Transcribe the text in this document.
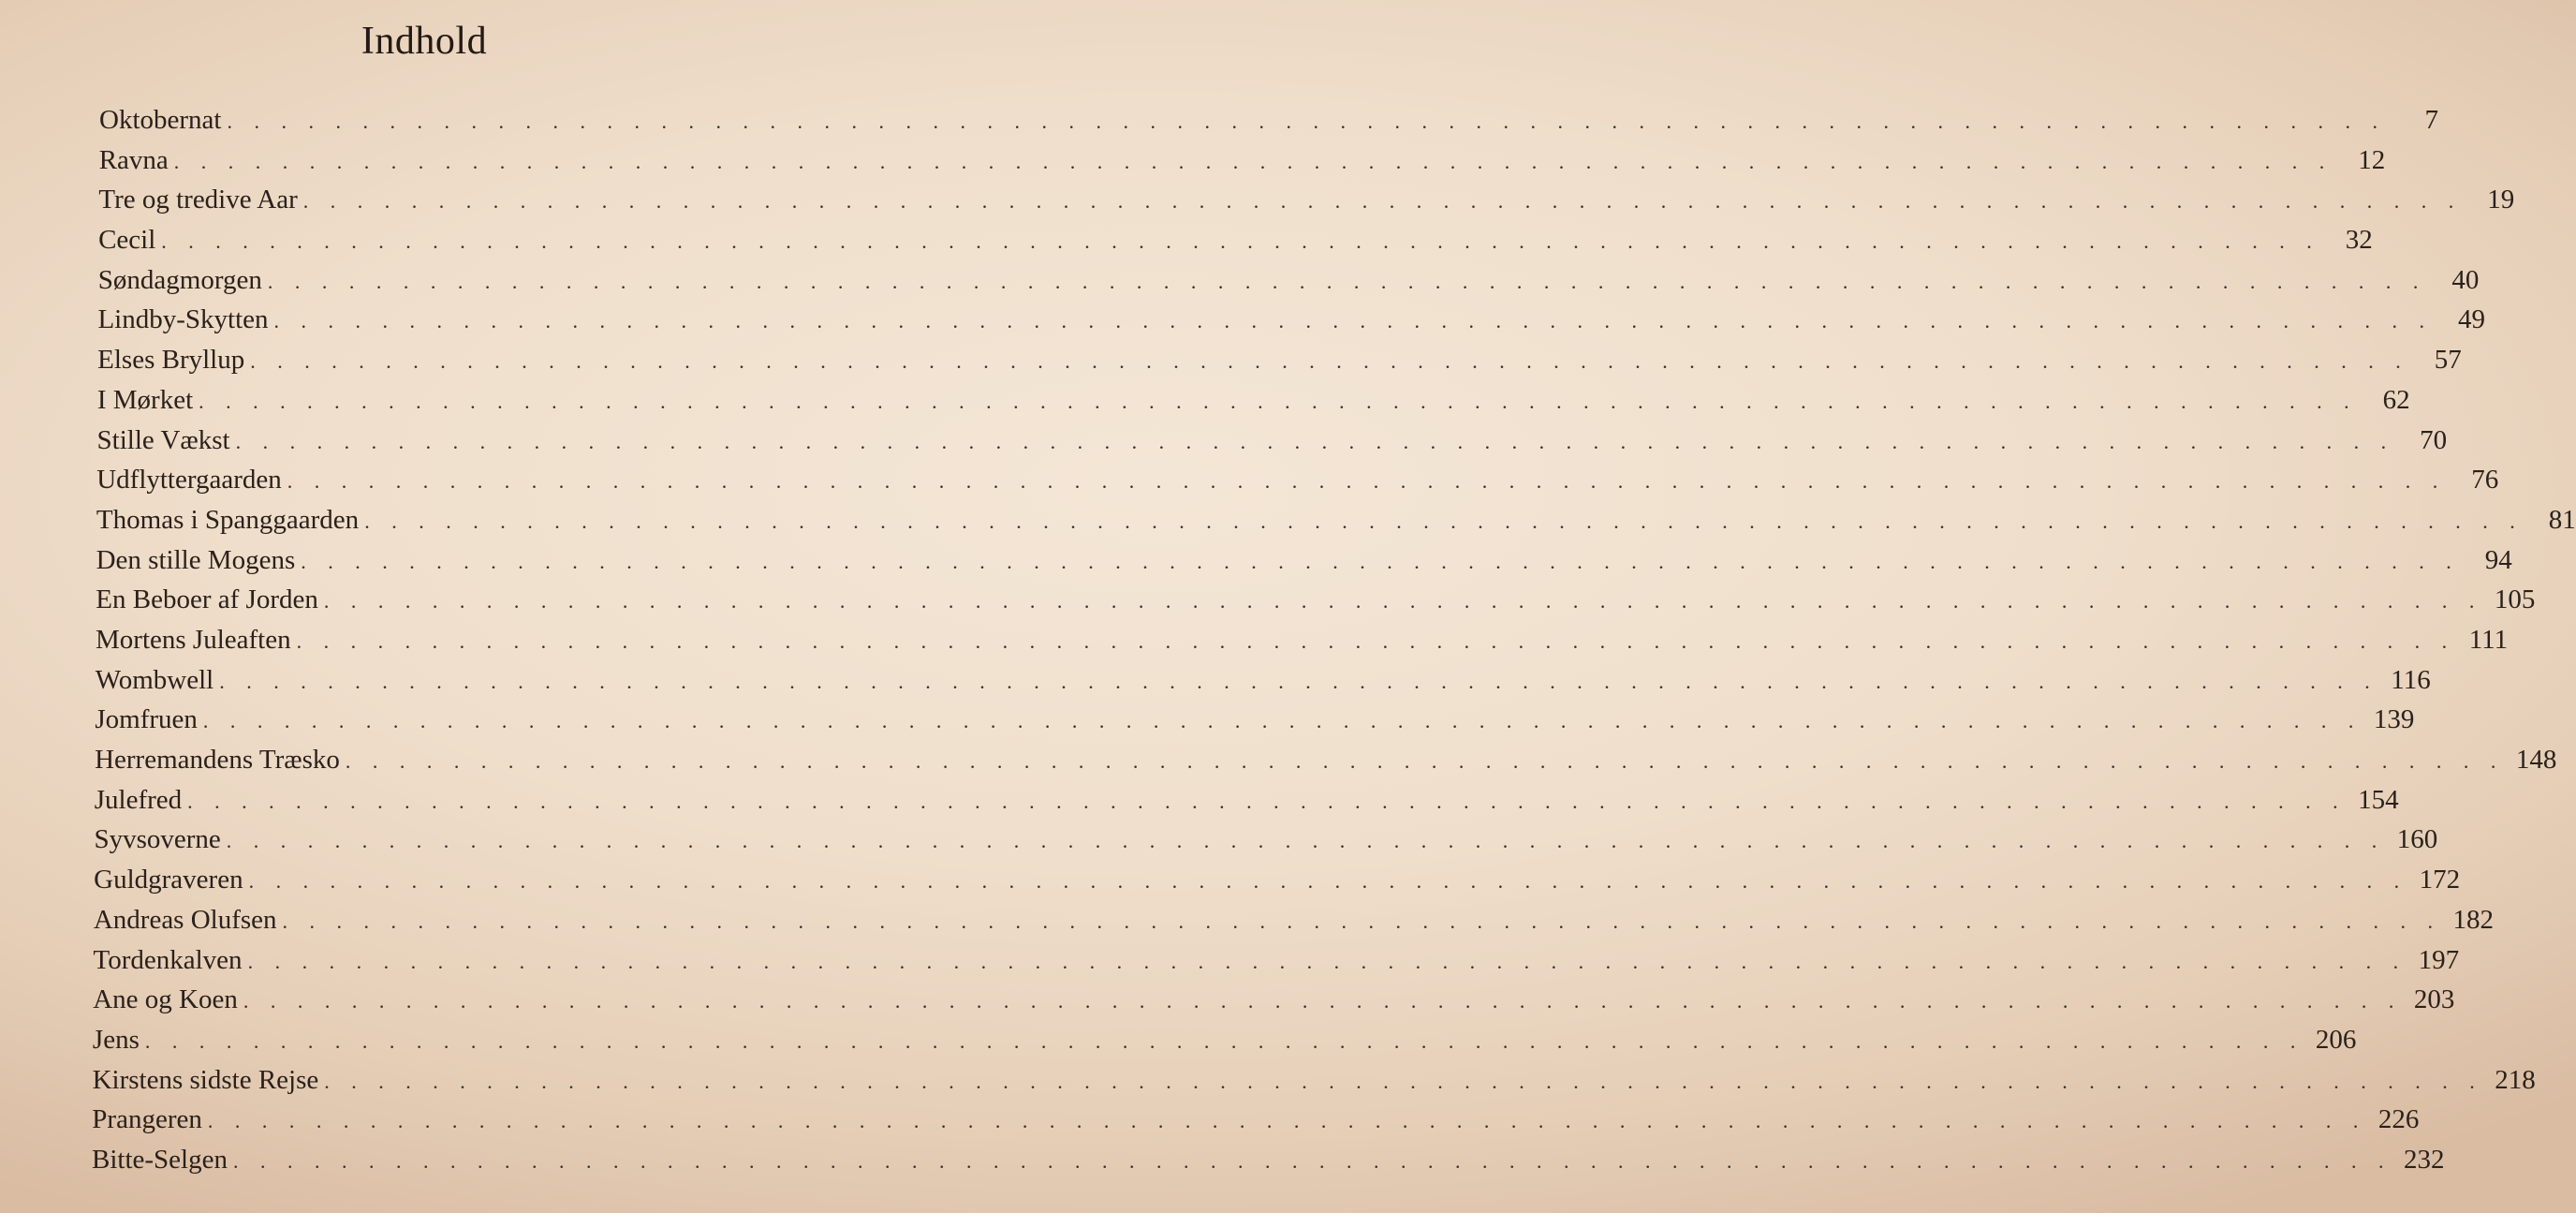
Indhold
Oktobernat . . . . . . . . . . . . . . . . . . . . . . . . . . . . . . . . . . . . . . . . . . . . . . . . . . . . . . . . . . . . . . . . . . . . . . . . . . . . . . . .	7
Ravna . . . . . . . . . . . . . . . . . . . . . . . . . . . . . . . . . . . . . . . . . . . . . . . . . . . . . . . . . . . . . . . . . . . . . . . . . . . . . . . . 12
Tre og tredive Aar . . . . . . . . . . . . . . . . . . . . . . . . . . . . . . . . . . . . . . . . . . . . . . . . . . . . . . . . . . . . . . . . . . . . . . . . . . . . . . . . 19
Cecil . . . . . . . . . . . . . . . . . . . . . . . . . . . . . . . . . . . . . . . . . . . . . . . . . . . . . . . . . . . . . . . . . . . . . . . . . . . . . . . . 32
Søndagmorgen . . . . . . . . . . . . . . . . . . . . . . . . . . . . . . . . . . . . . . . . . . . . . . . . . . . . . . . . . . . . . . . . . . . . . . . . . . . . . . . . 40
Lindby-Skytten . . . . . . . . . . . . . . . . . . . . . . . . . . . . . . . . . . . . . . . . . . . . . . . . . . . . . . . . . . . . . . . . . . . . . . . . . . . . . . . . 49
Elses Bryllup . . . . . . . . . . . . . . . . . . . . . . . . . . . . . . . . . . . . . . . . . . . . . . . . . . . . . . . . . . . . . . . . . . . . . . . . . . . . . . . . 57
I Mørket . . . . . . . . . . . . . . . . . . . . . . . . . . . . . . . . . . . . . . . . . . . . . . . . . . . . . . . . . . . . . . . . . . . . . . . . . . . . . . . . 62
Stille Vækst . . . . . . . . . . . . . . . . . . . . . . . . . . . . . . . . . . . . . . . . . . . . . . . . . . . . . . . . . . . . . . . . . . . . . . . . . . . . . . . . 70
Udflyttergaarden . . . . . . . . . . . . . . . . . . . . . . . . . . . . . . . . . . . . . . . . . . . . . . . . . . . . . . . . . . . . . . . . . . . . . . . . . . . . . . . . 76
Thomas i Spanggaarden . . . . . . . . . . . . . . . . . . . . . . . . . . . . . . . . . . . . . . . . . . . . . . . . . . . . . . . . . . . . . . . . . . . . . . . . . . . . . . . . 81
Den stille Mogens . . . . . . . . . . . . . . . . . . . . . . . . . . . . . . . . . . . . . . . . . . . . . . . . . . . . . . . . . . . . . . . . . . . . . . . . . . . . . . . . 94
En Beboer af Jorden . . . . . . . . . . . . . . . . . . . . . . . . . . . . . . . . . . . . . . . . . . . . . . . . . . . . . . . . . . . . . . . . . . . . . . . . . . . . . . . . 105
Mortens Juleaften . . . . . . . . . . . . . . . . . . . . . . . . . . . . . . . . . . . . . . . . . . . . . . . . . . . . . . . . . . . . . . . . . . . . . . . . . . . . . . . . 111
Wombwell . . . . . . . . . . . . . . . . . . . . . . . . . . . . . . . . . . . . . . . . . . . . . . . . . . . . . . . . . . . . . . . . . . . . . . . . . . . . . . . . 116
Jomfruen . . . . . . . . . . . . . . . . . . . . . . . . . . . . . . . . . . . . . . . . . . . . . . . . . . . . . . . . . . . . . . . . . . . . . . . . . . . . . . . . 139
Herremandens Træsko . . . . . . . . . . . . . . . . . . . . . . . . . . . . . . . . . . . . . . . . . . . . . . . . . . . . . . . . . . . . . . . . . . . . . . . . . . . . . . . . 148
Julefred . . . . . . . . . . . . . . . . . . . . . . . . . . . . . . . . . . . . . . . . . . . . . . . . . . . . . . . . . . . . . . . . . . . . . . . . . . . . . . . . 154
Syvsoverne . . . . . . . . . . . . . . . . . . . . . . . . . . . . . . . . . . . . . . . . . . . . . . . . . . . . . . . . . . . . . . . . . . . . . . . . . . . . . . . . 160
Guldgraveren . . . . . . . . . . . . . . . . . . . . . . . . . . . . . . . . . . . . . . . . . . . . . . . . . . . . . . . . . . . . . . . . . . . . . . . . . . . . . . . . 172
Andreas Olufsen . . . . . . . . . . . . . . . . . . . . . . . . . . . . . . . . . . . . . . . . . . . . . . . . . . . . . . . . . . . . . . . . . . . . . . . . . . . . . . . . 182
Tordenkalven . . . . . . . . . . . . . . . . . . . . . . . . . . . . . . . . . . . . . . . . . . . . . . . . . . . . . . . . . . . . . . . . . . . . . . . . . . . . . . . . 197
Ane og Koen . . . . . . . . . . . . . . . . . . . . . . . . . . . . . . . . . . . . . . . . . . . . . . . . . . . . . . . . . . . . . . . . . . . . . . . . . . . . . . . . 203
Jens . . . . . . . . . . . . . . . . . . . . . . . . . . . . . . . . . . . . . . . . . . . . . . . . . . . . . . . . . . . . . . . . . . . . . . . . . . . . . . . . 206
Kirstens sidste Rejse . . . . . . . . . . . . . . . . . . . . . . . . . . . . . . . . . . . . . . . . . . . . . . . . . . . . . . . . . . . . . . . . . . . . . . . . . . . . . . . . 218
Prangeren . . . . . . . . . . . . . . . . . . . . . . . . . . . . . . . . . . . . . . . . . . . . . . . . . . . . . . . . . . . . . . . . . . . . . . . . . . . . . . . . 226
Bitte-Selgen . . . . . . . . . . . . . . . . . . . . . . . . . . . . . . . . . . . . . . . . . . . . . . . . . . . . . . . . . . . . . . . . . . . . . . . . . . . . . . . . 232
